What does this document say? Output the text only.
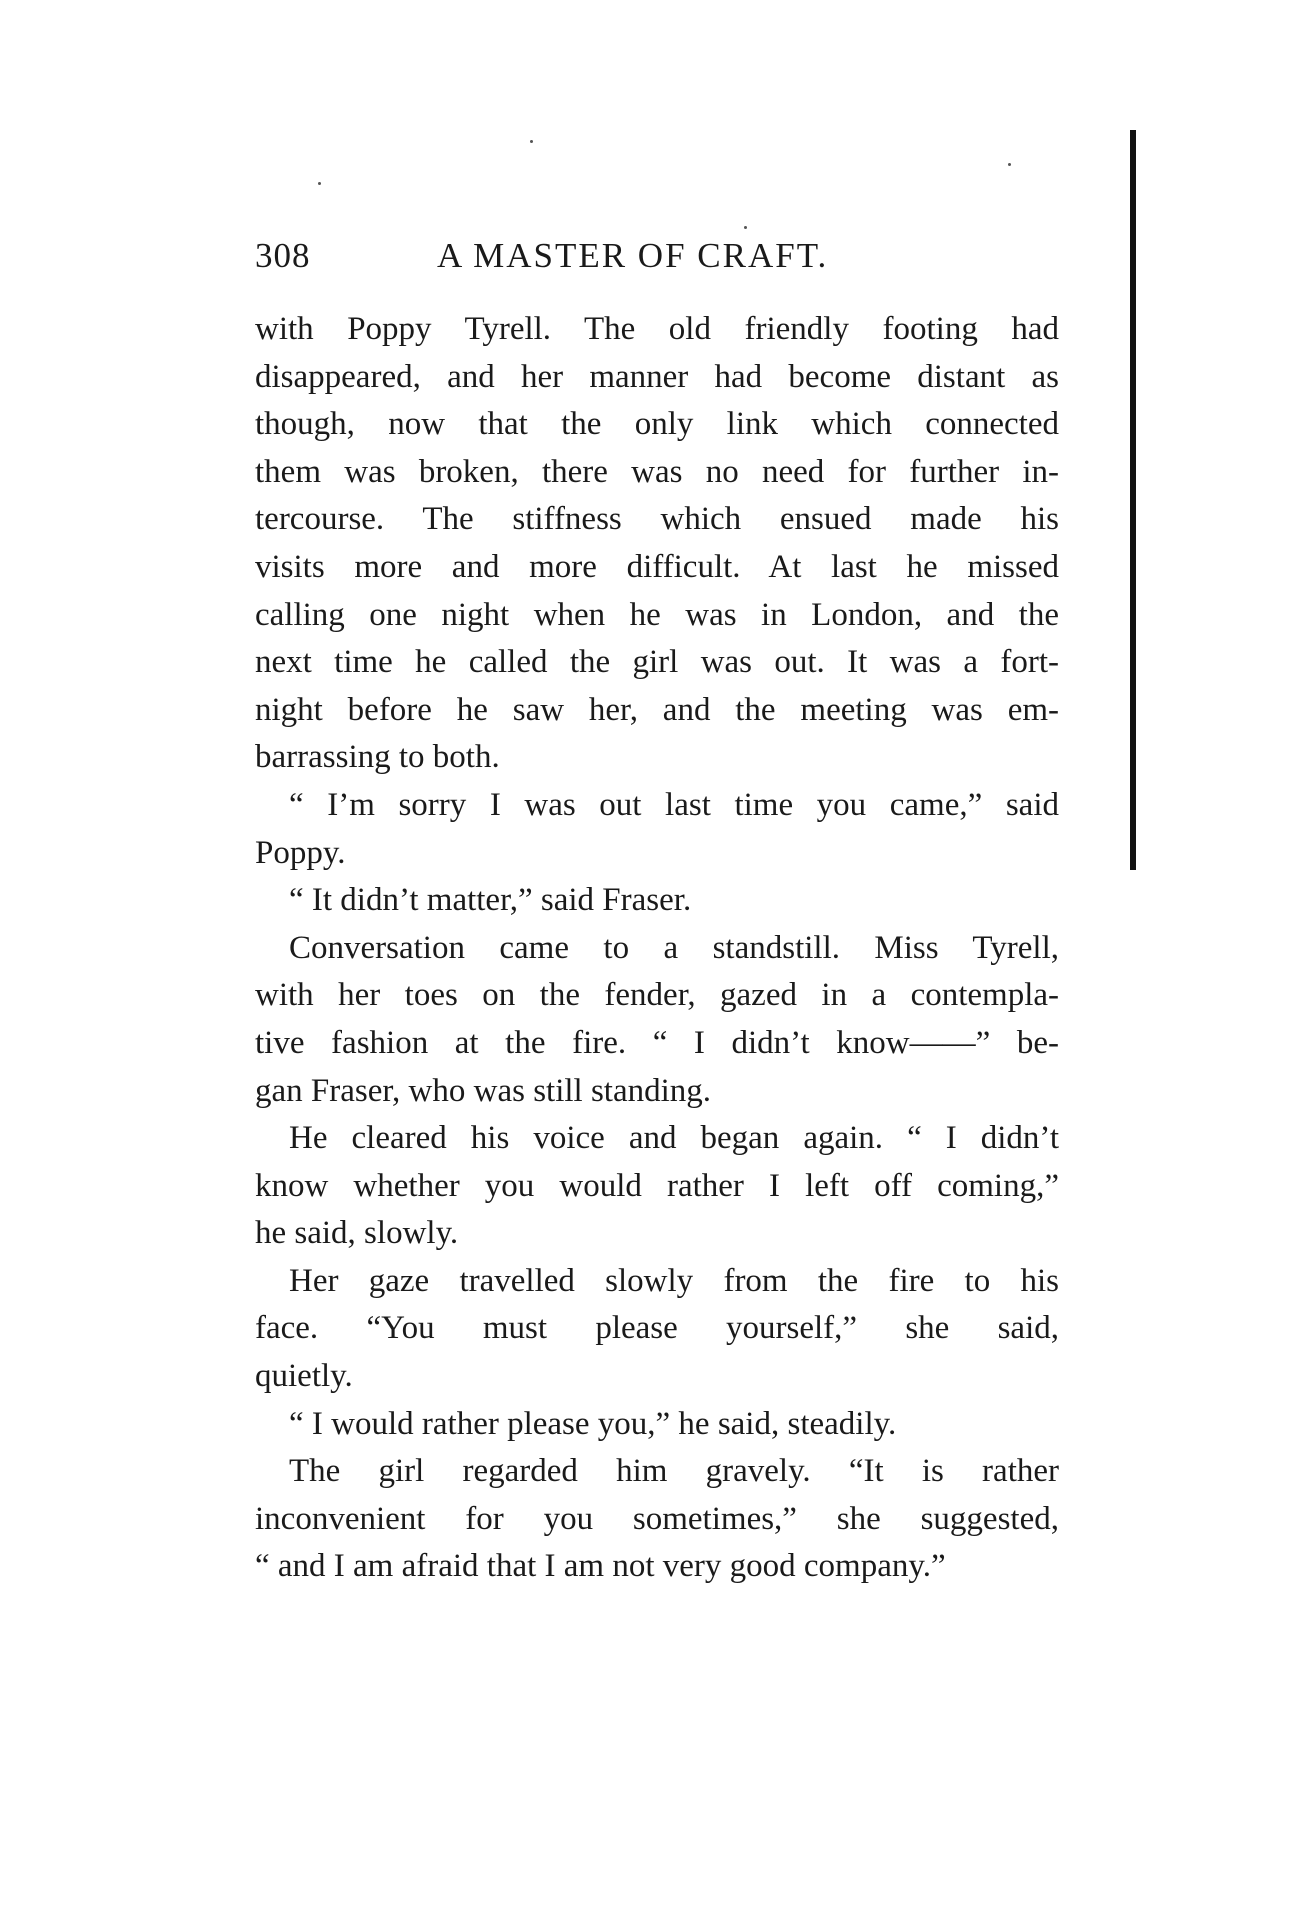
308	A MASTER OF CRAFT.

with Poppy Tyrell. The old friendly footing had
disappeared, and her manner had become distant as
though, now that the only link which connected
them was broken, there was no need for further in-
tercourse. The stiffness which ensued made his
visits more and more difficult. At last he missed
calling one night when he was in London, and the
next time he called the girl was out. It was a fort-
night before he saw her, and the meeting was em-
barrassing to both.

“ I’m sorry I was out last time you came,” said
Poppy.

“ It didn’t matter,” said Fraser.

Conversation came to a standstill. Miss Tyrell,
with her toes on the fender, gazed in a contempla-
tive fashion at the fire. “ I didn’t know——” be-
gan Fraser, who was still standing.

He cleared his voice and began again. “ I didn’t
know whether you would rather I left off coming,”
he said, slowly.

Her gaze travelled slowly from the fire to his
face. “You must please yourself,” she said,
quietly.

“ I would rather please you,” he said, steadily.

The girl regarded him gravely. “It is rather
inconvenient for you sometimes,” she suggested,
“ and I am afraid that I am not very good company.”
